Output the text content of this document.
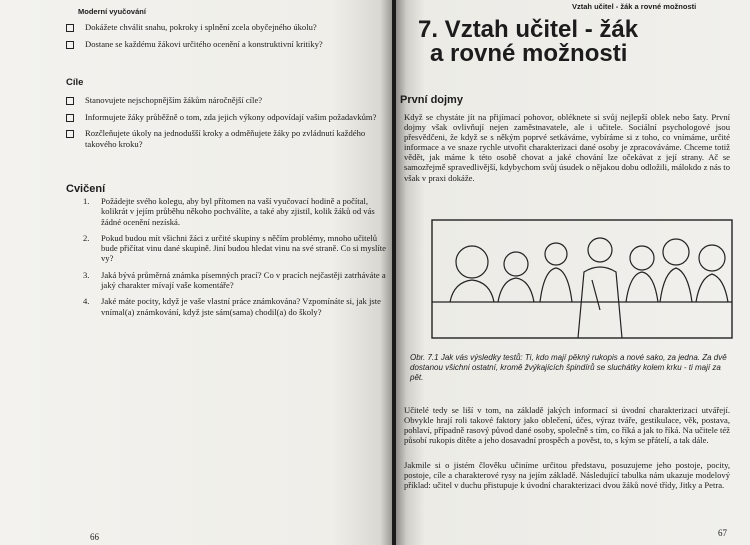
Moderní vyučování
Dokážete chválit snahu, pokroky i splnění zcela obyčejného úkolu?
Dostane se každému žákovi určitého ocenění a konstruktivní kritiky?
Cíle
Stanovujete nejschopnějším žákům náročnější cíle?
Informujete žáky průběžně o tom, zda jejich výkony odpovídají vašim požadavkům?
Rozčleňujete úkoly na jednodušší kroky a odměňujete žáky po zvládnutí každého takového kroku?
Cvičení
1.	Požádejte svého kolegu, aby byl přítomen na vaší vyučovací hodině a počítal, kolikrát v jejím průběhu někoho pochválíte, a také aby zjistil, kolik žáků od vás žádné ocenění nezíská.
2.	Pokud budou mít všichni žáci z určité skupiny s něčím problémy, mnoho učitelů bude přičítat vinu dané skupině. Jiní budou hledat vinu na své straně. Co si myslíte vy?
3.	Jaká bývá průměrná známka písemných prací? Co v pracích nejčastěji zatrháváte a jaký charakter mívají vaše komentáře?
4.	Jaké máte pocity, když je vaše vlastní práce známkována? Vzpomínáte si, jak jste vnímal(a) známkování, když jste sám(sama) chodil(a) do školy?
66
Vztah učitel - žák a rovné možnosti
67
7. Vztah učitel - žák
a rovné možnosti
První dojmy
Když se chystáte jít na přijímací pohovor, obléknete si svůj nejlepší oblek nebo šaty. První dojmy však ovlivňují nejen zaměstnavatele, ale i učitele. Sociální psychologové jsou přesvědčeni, že když se s někým poprvé setkáváme, vybíráme si z toho, co vnímáme, určité informace a ve snaze rychle utvořit charakterizaci dané osoby je zpracováváme. Chceme totiž vědět, jak máme k této osobě chovat a jaké chování lze očekávat z její strany. Ač se samozřejmě spravedlivější, kdybychom svůj úsudek o nějakou dobu odložili, málokdo z nás to však v praxi dokáže.
Obr. 7.1 Jak vás výsledky testů: Ti, kdo mají pěkný rukopis a nové sako, za jedna. Za dvě dostanou všichni ostatní, kromě žvýkajících špindírů se sluchátky kolem krku - ti mají za pět.
Učitelé tedy se liší v tom, na základě jakých informací si úvodní charakterizaci utvářejí. Obvykle hrají roli takové faktory jako oblečení, účes, výraz tváře, gestikulace, věk, postava, pohlaví, případně rasový původ dané osoby, společně s tím, co říká a jak to říká. Na učitele též působí rukopis dítěte a jeho dosavadní prospěch a pověst, to, s kým se přátelí, a tak dále.
Jakmile si o jistém člověku učiníme určitou představu, posuzujeme jeho postoje, pocity, postoje, cíle a charakterové rysy na jejím základě. Následující tabulka nám ukazuje modelový příklad: učitel v duchu přistupuje k úvodní charakterizaci dvou žáků nové třídy, Jitky a Petra.
